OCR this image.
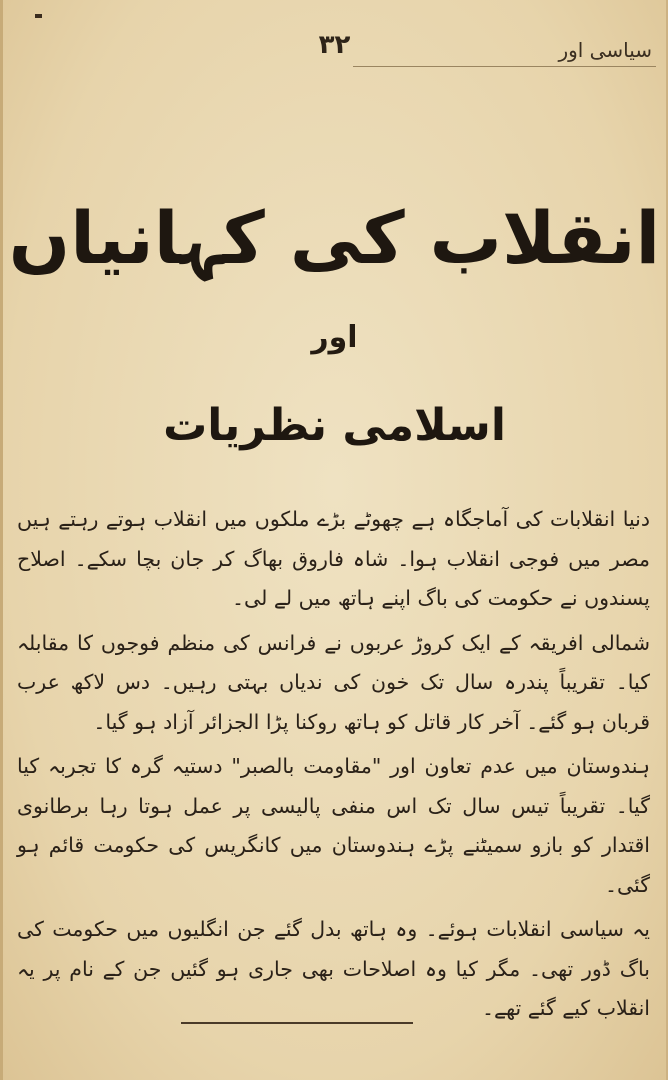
۳۲	سیاسی اور
انقلاب کی کہانیاں
اور
اسلامی نظریات

دنیا انقلابات کی آماجگاہ ہے چھوٹے بڑے ملکوں میں انقلاب ہوتے رہتے ہیں مصر میں فوجی انقلاب ہوا۔ شاہ فاروق بھاگ کر جان بچا سکے۔ اصلاح پسندوں نے حکومت کی باگ اپنے ہاتھ میں لے لی۔

شمالی افریقہ کے ایک کروڑ عربوں نے فرانس کی منظم فوجوں کا مقابلہ کیا۔ تقریباً پندرہ سال تک خون کی ندیاں بہتی رہیں۔ دس لاکھ عرب قربان ہو گئے۔ آخر کار قاتل کو ہاتھ روکنا پڑا الجزائر آزاد ہو گیا۔

ہندوستان میں عدم تعاون اور "مقاومت بالصبر" دستیہ گرہ کا تجربہ کیا گیا۔ تقریباً تیس سال تک اس منفی پالیسی پر عمل ہوتا رہا برطانوی اقتدار کو بازو سمیٹنے پڑے ہندوستان میں کانگریس کی حکومت قائم ہو گئی۔

یہ سیاسی انقلابات ہوئے۔ وہ ہاتھ بدل گئے جن انگلیوں میں حکومت کی باگ ڈور تھی۔ مگر کیا وہ اصلاحات بھی جاری ہو گئیں جن کے نام پر یہ انقلاب کیے گئے تھے۔
